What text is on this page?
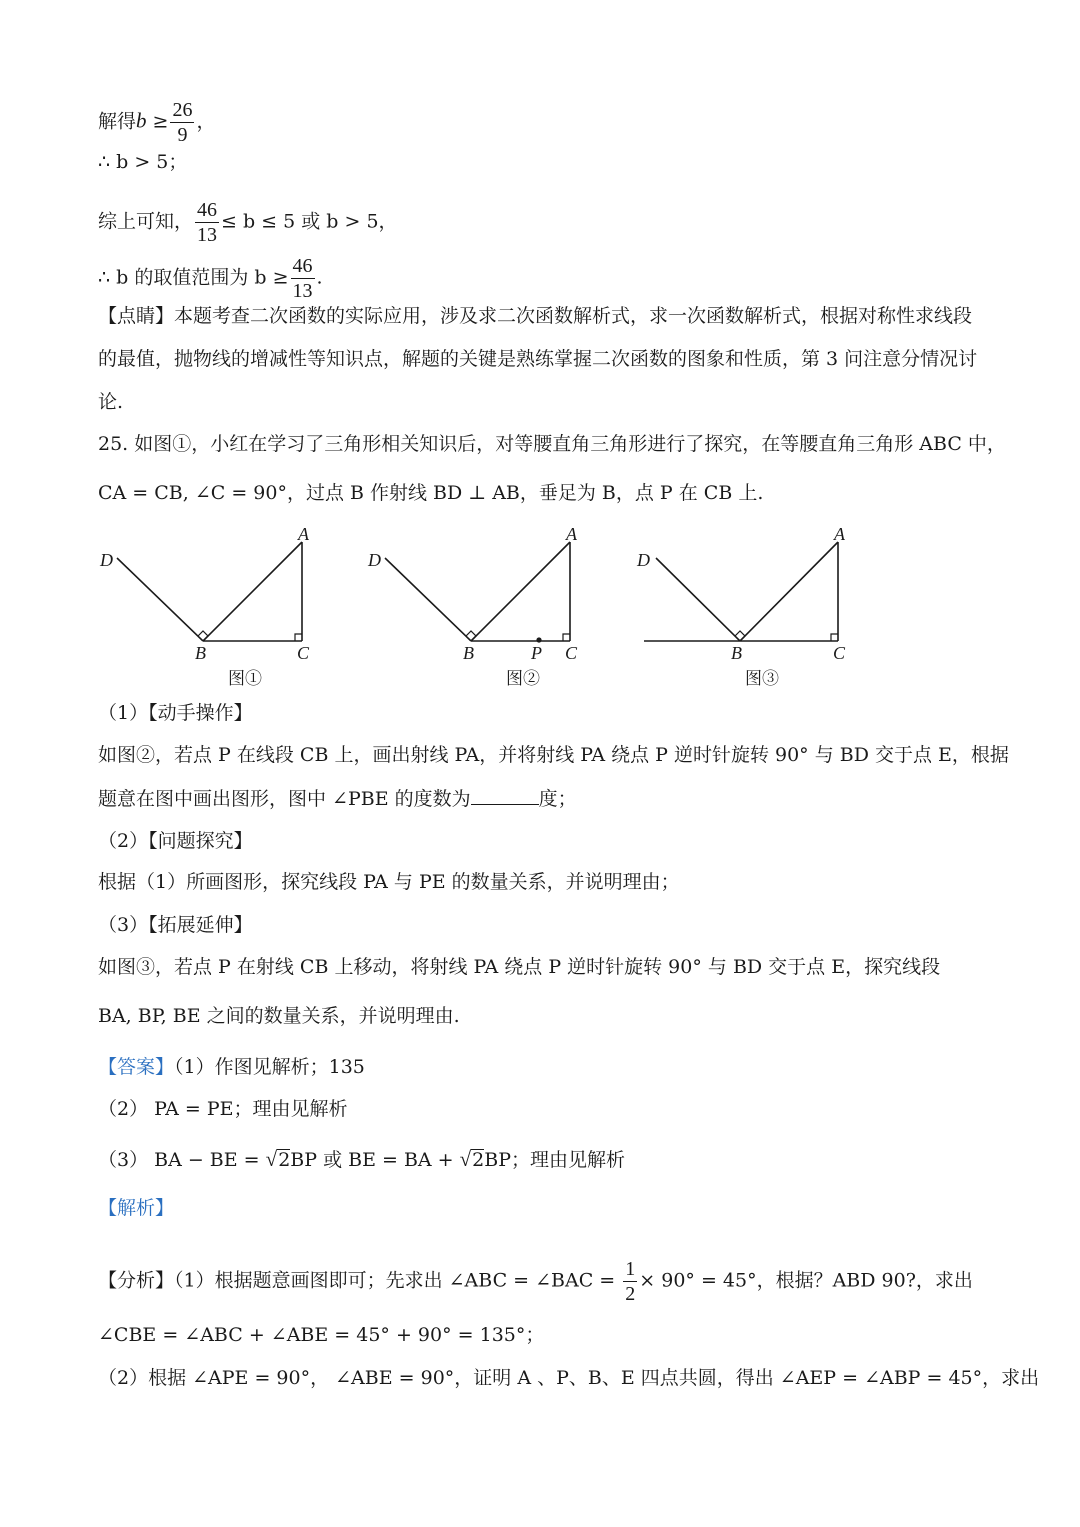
解得$b \ge \frac{26}{9}$ ，
∴ b > 5；
综上可知， $\frac{46}{13} \le b \le 5$ 或 b > 5，
∴ b 的取值范围为 $b \ge \frac{46}{13}$ .
【点睛】本题考查二次函数的实际应用，涉及求二次函数解析式，求一次函数解析式，根据对称性求线段
的最值，抛物线的增减性等知识点，解题的关键是熟练掌握二次函数的图象和性质，第 3 问注意分情况讨
论.
25. 如图①，小红在学习了三角形相关知识后，对等腰直角三角形进行了探究，在等腰直角三角形 ABC 中，
CA = CB, ∠C = 90°，过点 B 作射线 BD ⊥ AB，垂足为 B，点 P 在 CB 上.
D
A
B	C
图①
D
A
B	P C
图②
D
A
B	C
图③
（1）【动手操作】
如图②，若点 P 在线段 CB 上，画出射线 PA，并将射线 PA 绕点 P 逆时针旋转 90° 与 BD 交于点 E，根据
题意在图中画出图形，图中 ∠PBE 的度数为	度；
（2）【问题探究】
根据（1）所画图形，探究线段 PA 与 PE 的数量关系，并说明理由；
（3）【拓展延伸】
如图③，若点 P 在射线 CB 上移动，将射线 PA 绕点 P 逆时针旋转 90° 与 BD 交于点 E，探究线段
BA, BP, BE 之间的数量关系，并说明理由.
【答案】（1）作图见解析；135
（2） PA = PE；理由见解析
（3） BA − BE = √2BP 或 BE = BA + √2BP；理由见解析
【解析】
【分析】（1）根据题意画图即可；先求出 ∠ABC = ∠BAC = $\frac{1}{2} \times 90^\circ = 45^\circ$，根据？ABD 90?，求出
∠CBE = ∠ABC + ∠ABE = 45° + 90° = 135°；
（2）根据 ∠APE = 90°， ∠ABE = 90°，证明 A 、P、B、E 四点共圆，得出 ∠AEP = ∠ABP = 45°，求出
